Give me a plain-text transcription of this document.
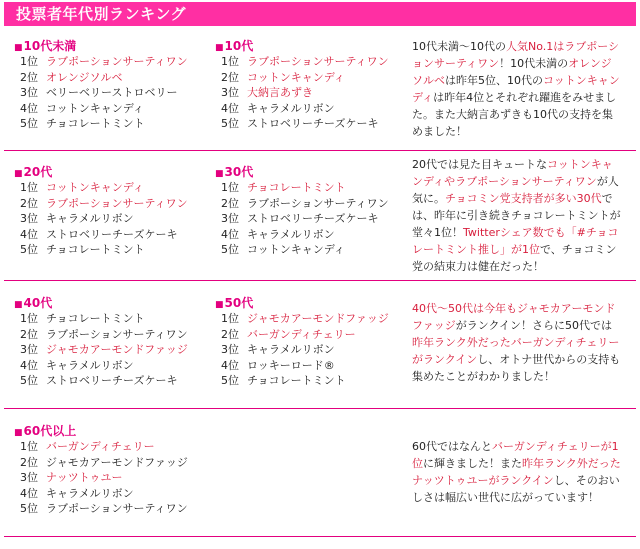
投票者年代別ランキング
■10代未満
1位 ラブポーションサーティワン
2位 オレンジソルベ
3位 ベリーベリーストロベリー
4位 コットンキャンディ
5位 チョコレートミント
■10代
1位 ラブポーションサーティワン
2位 コットンキャンディ
3位 大納言あずき
4位 キャラメルリボン
5位 ストロベリーチーズケーキ
10代未満～10代の人気No.1はラブポーションサーティワン！10代未満のオレンジソルベは昨年5位、10代のコットンキャンディは昨年4位とそれぞれ躍進をみせました。また大納言あずきも10代の支持を集めました！
■20代
1位 コットンキャンディ
2位 ラブポーションサーティワン
3位 キャラメルリボン
4位 ストロベリーチーズケーキ
5位 チョコレートミント
■30代
1位 チョコレートミント
2位 ラブポーションサーティワン
3位 ストロベリーチーズケーキ
4位 キャラメルリボン
5位 コットンキャンディ
20代では見た目キュートなコットンキャンディやラブポーションサーティワンが人気に。チョコミン党支持者が多い30代では、昨年に引き続きチョコレートミントが堂々1位！Twitterシェア数でも「#チョコレートミント推し」が1位で、チョコミン党の結束力は健在だった！
■40代
1位 チョコレートミント
2位 ラブポーションサーティワン
3位 ジャモカアーモンドファッジ
4位 キャラメルリボン
5位 ストロベリーチーズケーキ
■50代
1位 ジャモカアーモンドファッジ
2位 バーガンディチェリー
3位 キャラメルリボン
4位 ロッキーロード®
5位 チョコレートミント
40代～50代は今年もジャモカアーモンドファッジがランクイン！さらに50代では昨年ランク外だったバーガンディチェリーがランクインし、オトナ世代からの支持も集めたことがわかりました！
■60代以上
1位 バーガンディチェリー
2位 ジャモカアーモンドファッジ
3位 ナッツトゥユー
4位 キャラメルリボン
5位 ラブポーションサーティワン
60代ではなんとバーガンディチェリーが1位に輝きました！また昨年ランク外だったナッツトゥユーがランクインし、そのおいしさは幅広い世代に広がっています！
